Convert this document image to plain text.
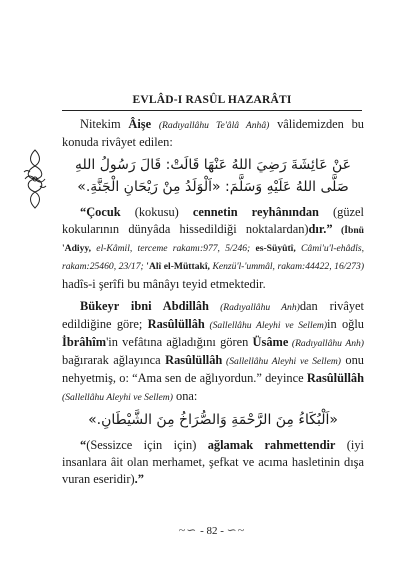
EVLÂD-I RASÛL HAZARÂTI

Nitekim Âişe (Radıyallâhu Te'âlâ Anhâ) vâlidemizden bu konuda rivâyet edilen:

عَنْ عَائِشَةَ رَضِيَ اللهُ عَنْهَا قَالَتْ: قَالَ رَسُولُ اللهِ صَلَّى اللهُ عَلَيْهِ وَسَلَّمَ: «اَلْوَلَدُ مِنْ رَيْحَانِ الْجَنَّةِ.»

“Çocuk (kokusu) cennetin reyhânından (güzel kokularının dünyâda hissedildiği noktalardan)dır.” (İbnü 'Adiyy, el-Kâmil, terceme rakamı:977, 5/246; es-Süyûtî, Câmi'u'l-ehâdîs, rakam:25460, 23/17; 'Alî el-Müttakî, Kenzü'l-'ummâl, rakam:44422, 16/273) hadîs-i şerîfi bu mânâyı teyid etmektedir.

Bükeyr ibni Abdillâh (Radıyallâhu Anh)dan rivâyet edildiğine göre; Rasûlüllâh (Sallellâhu Aleyhi ve Sellem)in oğlu İbrâhîm'in vefâtına ağladığını gören Üsâme (Radıyallâhu Anh) bağırarak ağlayınca Rasûlüllâh (Sallellâhu Aleyhi ve Sellem) onu nehyetmiş, o: “Ama sen de ağlıyordun.” deyince Rasûlüllâh (Sallellâhu Aleyhi ve Sellem) ona:

«اَلْبُكَاءُ مِنَ الرَّحْمَةِ وَالصُّرَاخُ مِنَ الشَّيْطَانِ.»

“(Sessizce için için) ağlamak rahmettendir (iyi insanlara âit olan merhamet, şefkat ve acıma hasletinin dışa vuran eseridir).”

~∽ - 82 - ∽~
